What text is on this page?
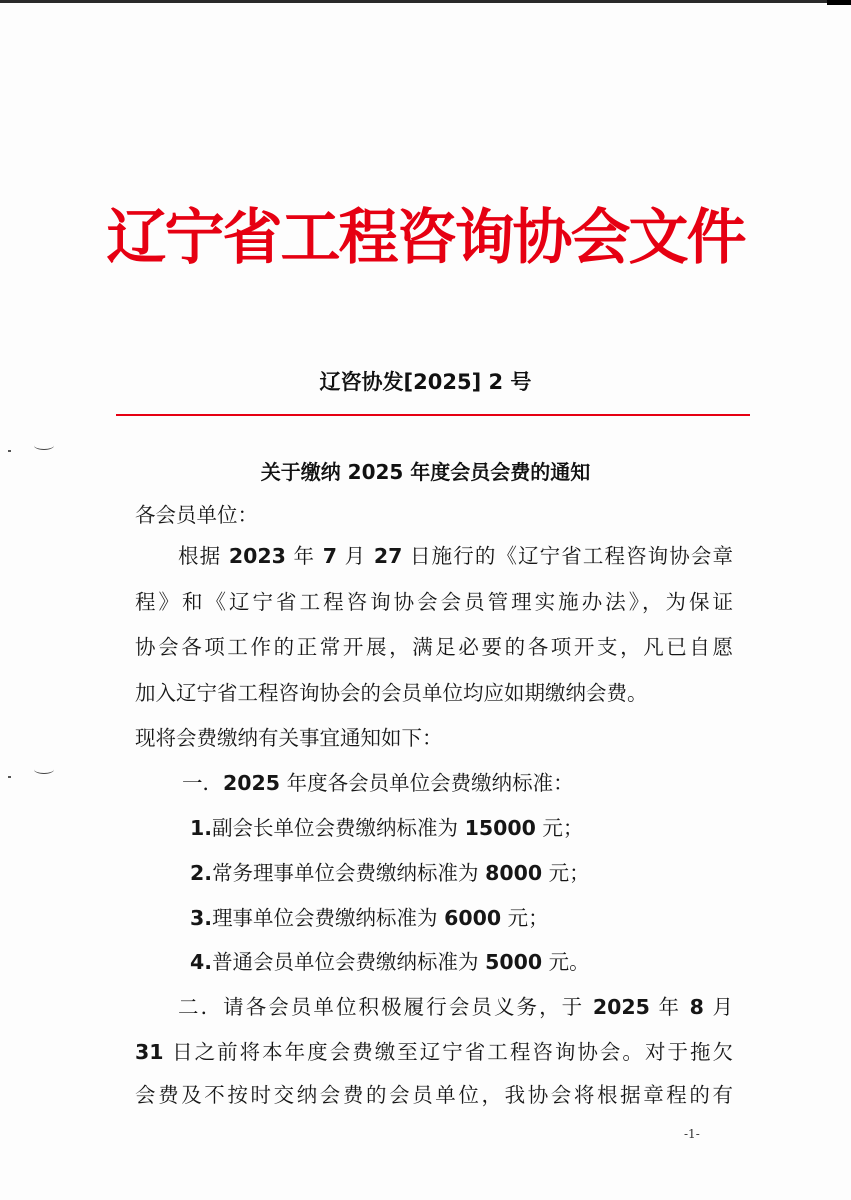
辽宁省工程咨询协会文件
辽咨协发[2025] 2 号
关于缴纳 2025 年度会员会费的通知
各会员单位：
根据 2023 年 7 月 27 日施行的《辽宁省工程咨询协会章
程》和《辽宁省工程咨询协会会员管理实施办法》，为保证
协会各项工作的正常开展，满足必要的各项开支，凡已自愿
加入辽宁省工程咨询协会的会员单位均应如期缴纳会费。
现将会费缴纳有关事宜通知如下：
一．2025 年度各会员单位会费缴纳标准：
1.副会长单位会费缴纳标准为 15000 元；
2.常务理事单位会费缴纳标准为 8000 元；
3.理事单位会费缴纳标准为 6000 元；
4.普通会员单位会费缴纳标准为 5000 元。
二．请各会员单位积极履行会员义务，于 2025 年 8 月
31 日之前将本年度会费缴至辽宁省工程咨询协会。对于拖欠
会费及不按时交纳会费的会员单位，我协会将根据章程的有
-1-
